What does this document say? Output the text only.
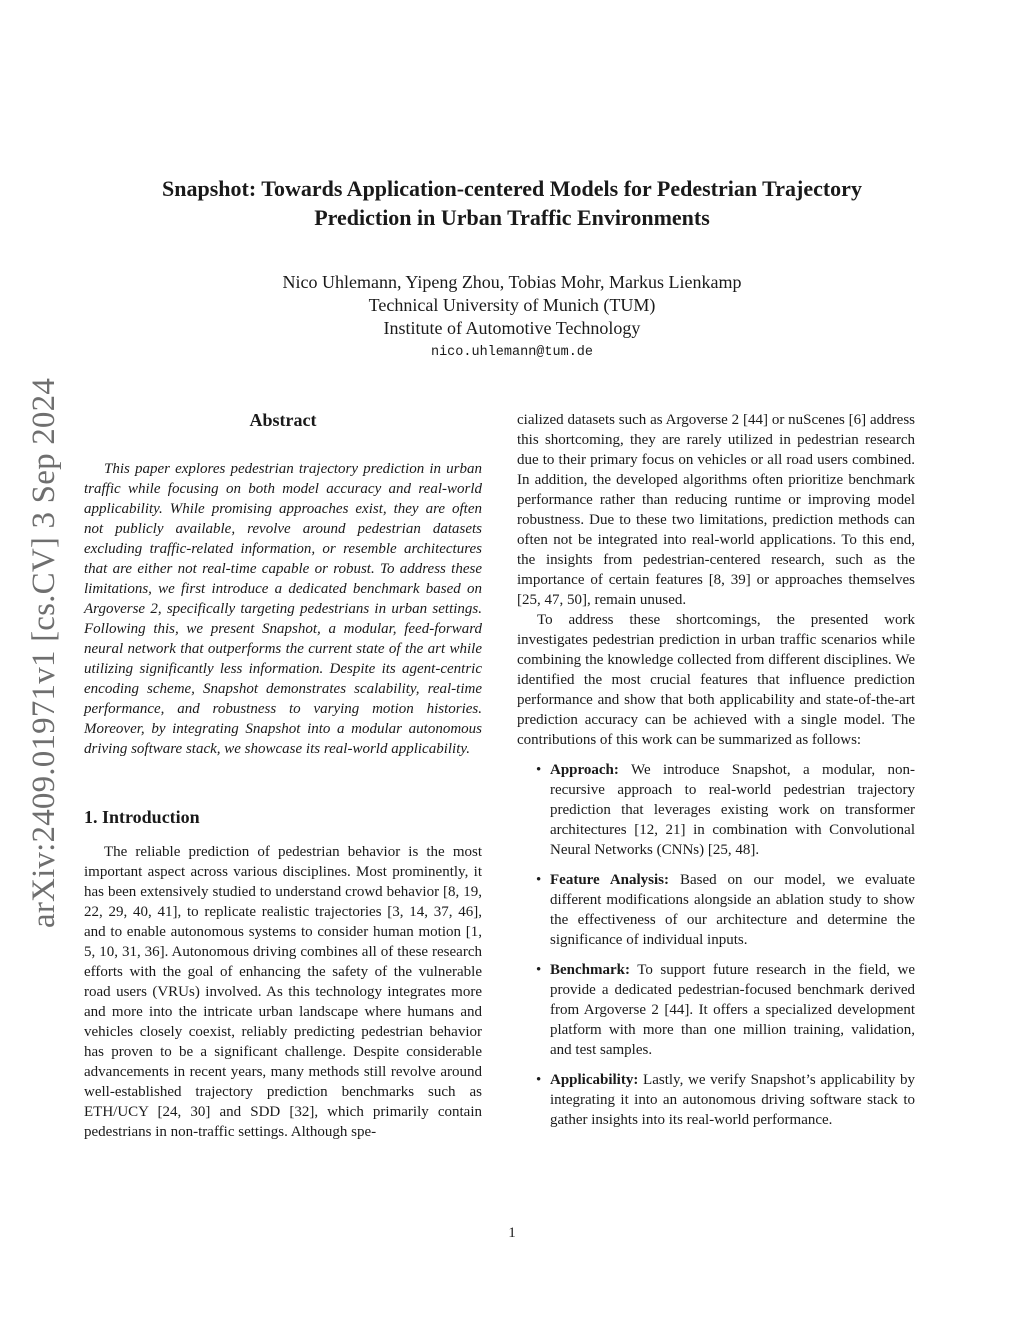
arXiv:2409.01971v1 [cs.CV] 3 Sep 2024
Snapshot: Towards Application-centered Models for Pedestrian Trajectory
Prediction in Urban Traffic Environments
Nico Uhlemann, Yipeng Zhou, Tobias Mohr, Markus Lienkamp
Technical University of Munich (TUM)
Institute of Automotive Technology
nico.uhlemann@tum.de
Abstract

This paper explores pedestrian trajectory prediction in urban traffic while focusing on both model accuracy and real-world applicability. While promising approaches exist, they are often not publicly available, revolve around pedestrian datasets excluding traffic-related information, or resemble architectures that are either not real-time capable or robust. To address these limitations, we first introduce a dedicated benchmark based on Argoverse 2, specifically targeting pedestrians in urban settings. Following this, we present Snapshot, a modular, feed-forward neural network that outperforms the current state of the art while utilizing significantly less information. Despite its agent-centric encoding scheme, Snapshot demonstrates scalability, real-time performance, and robustness to varying motion histories. Moreover, by integrating Snapshot into a modular autonomous driving software stack, we showcase its real-world applicability.

1. Introduction

The reliable prediction of pedestrian behavior is the most important aspect across various disciplines. Most prominently, it has been extensively studied to understand crowd behavior [8, 19, 22, 29, 40, 41], to replicate realistic trajectories [3, 14, 37, 46], and to enable autonomous systems to consider human motion [1, 5, 10, 31, 36]. Autonomous driving combines all of these research efforts with the goal of enhancing the safety of the vulnerable road users (VRUs) involved. As this technology integrates more and more into the intricate urban landscape where humans and vehicles closely coexist, reliably predicting pedestrian behavior has proven to be a significant challenge. Despite considerable advancements in recent years, many methods still revolve around well-established trajectory prediction benchmarks such as ETH/UCY [24, 30] and SDD [32], which primarily contain pedestrians in non-traffic settings. Although spe-

cialized datasets such as Argoverse 2 [44] or nuScenes [6] address this shortcoming, they are rarely utilized in pedestrian research due to their primary focus on vehicles or all road users combined. In addition, the developed algorithms often prioritize benchmark performance rather than reducing runtime or improving model robustness. Due to these two limitations, prediction methods can often not be integrated into real-world applications. To this end, the insights from pedestrian-centered research, such as the importance of certain features [8, 39] or approaches themselves [25, 47, 50], remain unused.

To address these shortcomings, the presented work investigates pedestrian prediction in urban traffic scenarios while combining the knowledge collected from different disciplines. We identified the most crucial features that influence prediction performance and show that both applicability and state-of-the-art prediction accuracy can be achieved with a single model. The contributions of this work can be summarized as follows:

• Approach: We introduce Snapshot, a modular, non-recursive approach to real-world pedestrian trajectory prediction that leverages existing work on transformer architectures [12, 21] in combination with Convolutional Neural Networks (CNNs) [25, 48].
• Feature Analysis: Based on our model, we evaluate different modifications alongside an ablation study to show the effectiveness of our architecture and determine the significance of individual inputs.
• Benchmark: To support future research in the field, we provide a dedicated pedestrian-focused benchmark derived from Argoverse 2 [44]. It offers a specialized development platform with more than one million training, validation, and test samples.
• Applicability: Lastly, we verify Snapshot’s applicability by integrating it into an autonomous driving software stack to gather insights into its real-world performance.
1
